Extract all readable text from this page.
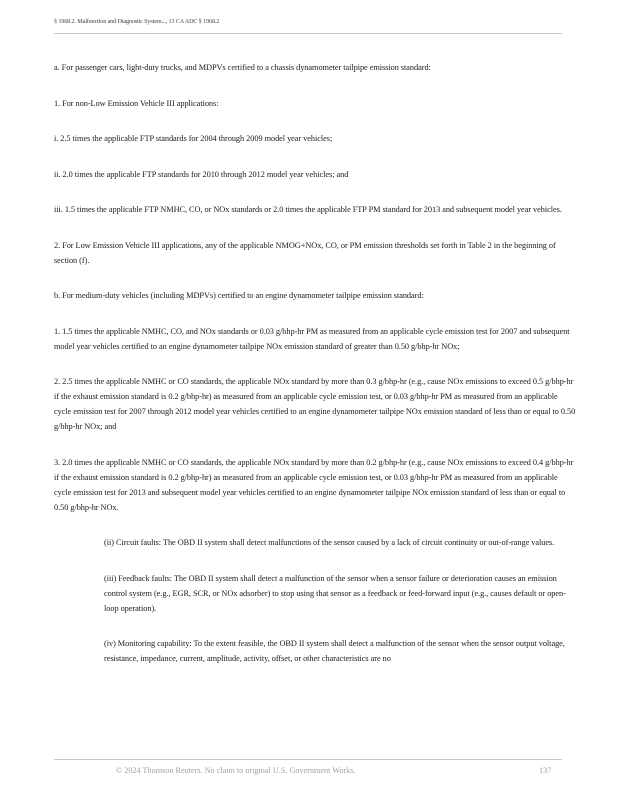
§ 1968.2. Malfunction and Diagnostic System..., 13 CA ADC § 1968.2

a. For passenger cars, light-duty trucks, and MDPVs certified to a chassis dynamometer tailpipe emission standard:

1. For non-Low Emission Vehicle III applications:

i. 2.5 times the applicable FTP standards for 2004 through 2009 model year vehicles;

ii. 2.0 times the applicable FTP standards for 2010 through 2012 model year vehicles; and

iii. 1.5 times the applicable FTP NMHC, CO, or NOx standards or 2.0 times the applicable FTP PM standard for 2013 and subsequent model year vehicles.

2. For Low Emission Vehicle III applications, any of the applicable NMOG+NOx, CO, or PM emission thresholds set forth in Table 2 in the beginning of section (f).

b. For medium-duty vehicles (including MDPVs) certified to an engine dynamometer tailpipe emission standard:

1. 1.5 times the applicable NMHC, CO, and NOx standards or 0.03 g/bhp-hr PM as measured from an applicable cycle emission test for 2007 and subsequent model year vehicles certified to an engine dynamometer tailpipe NOx emission standard of greater than 0.50 g/bhp-hr NOx;

2. 2.5 times the applicable NMHC or CO standards, the applicable NOx standard by more than 0.3 g/bhp-hr (e.g., cause NOx emissions to exceed 0.5 g/bhp-hr if the exhaust emission standard is 0.2 g/bhp-hr) as measured from an applicable cycle emission test, or 0.03 g/bhp-hr PM as measured from an applicable cycle emission test for 2007 through 2012 model year vehicles certified to an engine dynamometer tailpipe NOx emission standard of less than or equal to 0.50 g/bhp-hr NOx; and

3. 2.0 times the applicable NMHC or CO standards, the applicable NOx standard by more than 0.2 g/bhp-hr (e.g., cause NOx emissions to exceed 0.4 g/bhp-hr if the exhaust emission standard is 0.2 g/bhp-hr) as measured from an applicable cycle emission test, or 0.03 g/bhp-hr PM as measured from an applicable cycle emission test for 2013 and subsequent model year vehicles certified to an engine dynamometer tailpipe NOx emission standard of less than or equal to 0.50 g/bhp-hr NOx.

(ii) Circuit faults: The OBD II system shall detect malfunctions of the sensor caused by a lack of circuit continuity or out-of-range values.

(iii) Feedback faults: The OBD II system shall detect a malfunction of the sensor when a sensor failure or deterioration causes an emission control system (e.g., EGR, SCR, or NOx adsorber) to stop using that sensor as a feedback or feed-forward input (e.g., causes default or open-loop operation).

(iv) Monitoring capability: To the extent feasible, the OBD II system shall detect a malfunction of the sensor when the sensor output voltage, resistance, impedance, current, amplitude, activity, offset, or other characteristics are no

© 2024 Thomson Reuters. No claim to original U.S. Government Works.	137
